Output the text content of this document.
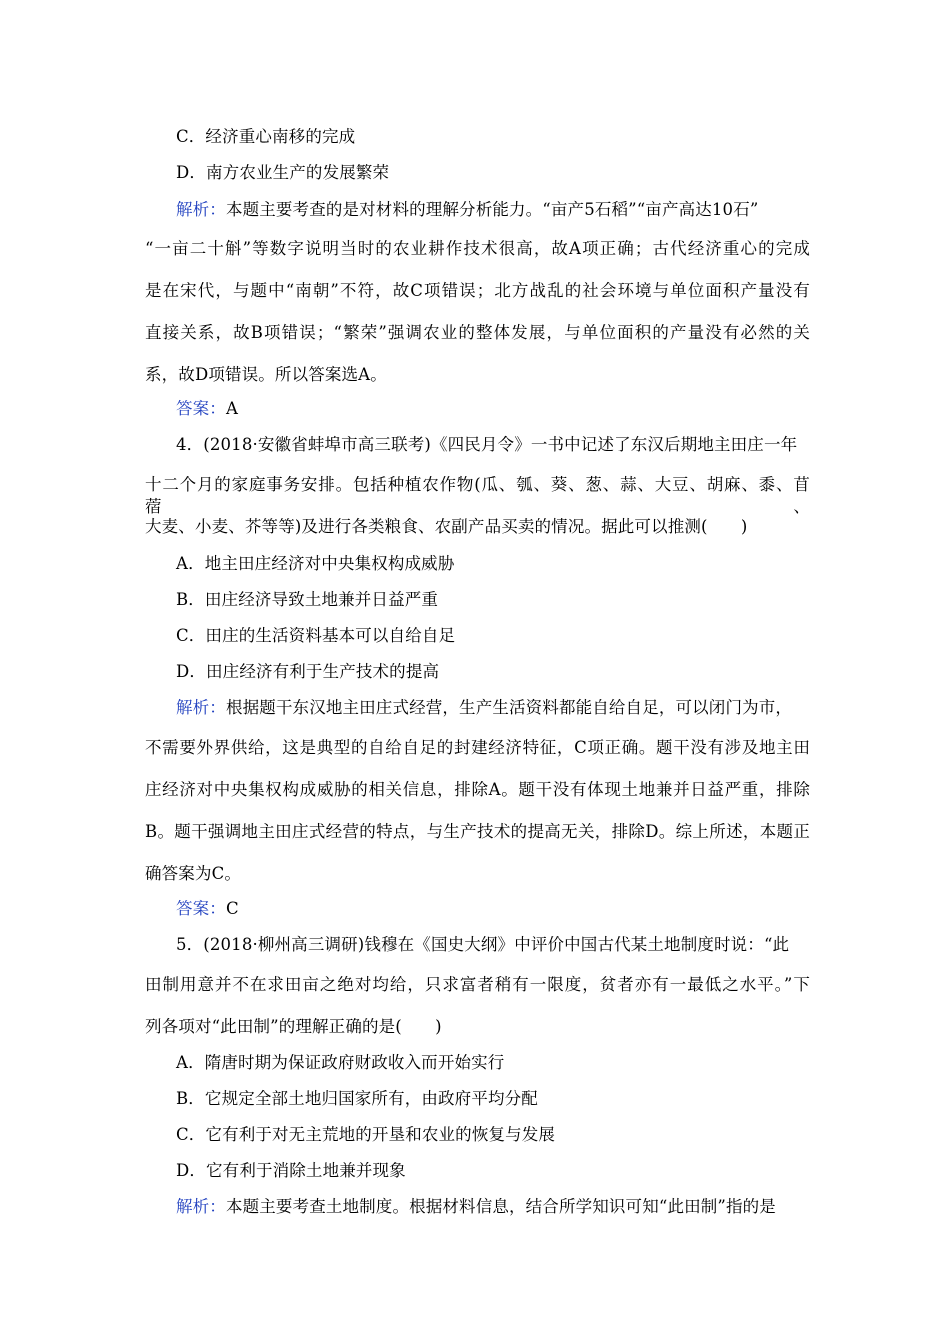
C．经济重心南移的完成
D．南方农业生产的发展繁荣
解析：本题主要考查的是对材料的理解分析能力。“亩产5石稻”“亩产高达10石”
“一亩二十斛”等数字说明当时的农业耕作技术很高，故A项正确；古代经济重心的完成
是在宋代，与题中“南朝”不符，故C项错误；北方战乱的社会环境与单位面积产量没有
直接关系，故B项错误；“繁荣”强调农业的整体发展，与单位面积的产量没有必然的关
系，故D项错误。所以答案选A。
答案：A
4．(2018·安徽省蚌埠市高三联考)《四民月令》一书中记述了东汉后期地主田庄一年
十二个月的家庭事务安排。包括种植农作物(瓜、瓠、葵、葱、蒜、大豆、胡麻、黍、苜蓿、
大麦、小麦、芥等等)及进行各类粮食、农副产品买卖的情况。据此可以推测(　　)
A．地主田庄经济对中央集权构成威胁
B．田庄经济导致土地兼并日益严重
C．田庄的生活资料基本可以自给自足
D．田庄经济有利于生产技术的提高
解析：根据题干东汉地主田庄式经营，生产生活资料都能自给自足，可以闭门为市，
不需要外界供给，这是典型的自给自足的封建经济特征，C项正确。题干没有涉及地主田
庄经济对中央集权构成威胁的相关信息，排除A。题干没有体现土地兼并日益严重，排除
B。题干强调地主田庄式经营的特点，与生产技术的提高无关，排除D。综上所述，本题正
确答案为C。
答案：C
5．(2018·柳州高三调研)钱穆在《国史大纲》中评价中国古代某土地制度时说：“此
田制用意并不在求田亩之绝对均给，只求富者稍有一限度，贫者亦有一最低之水平。”下
列各项对“此田制”的理解正确的是(　　)
A．隋唐时期为保证政府财政收入而开始实行
B．它规定全部土地归国家所有，由政府平均分配
C．它有利于对无主荒地的开垦和农业的恢复与发展
D．它有利于消除土地兼并现象
解析：本题主要考查土地制度。根据材料信息，结合所学知识可知“此田制”指的是
